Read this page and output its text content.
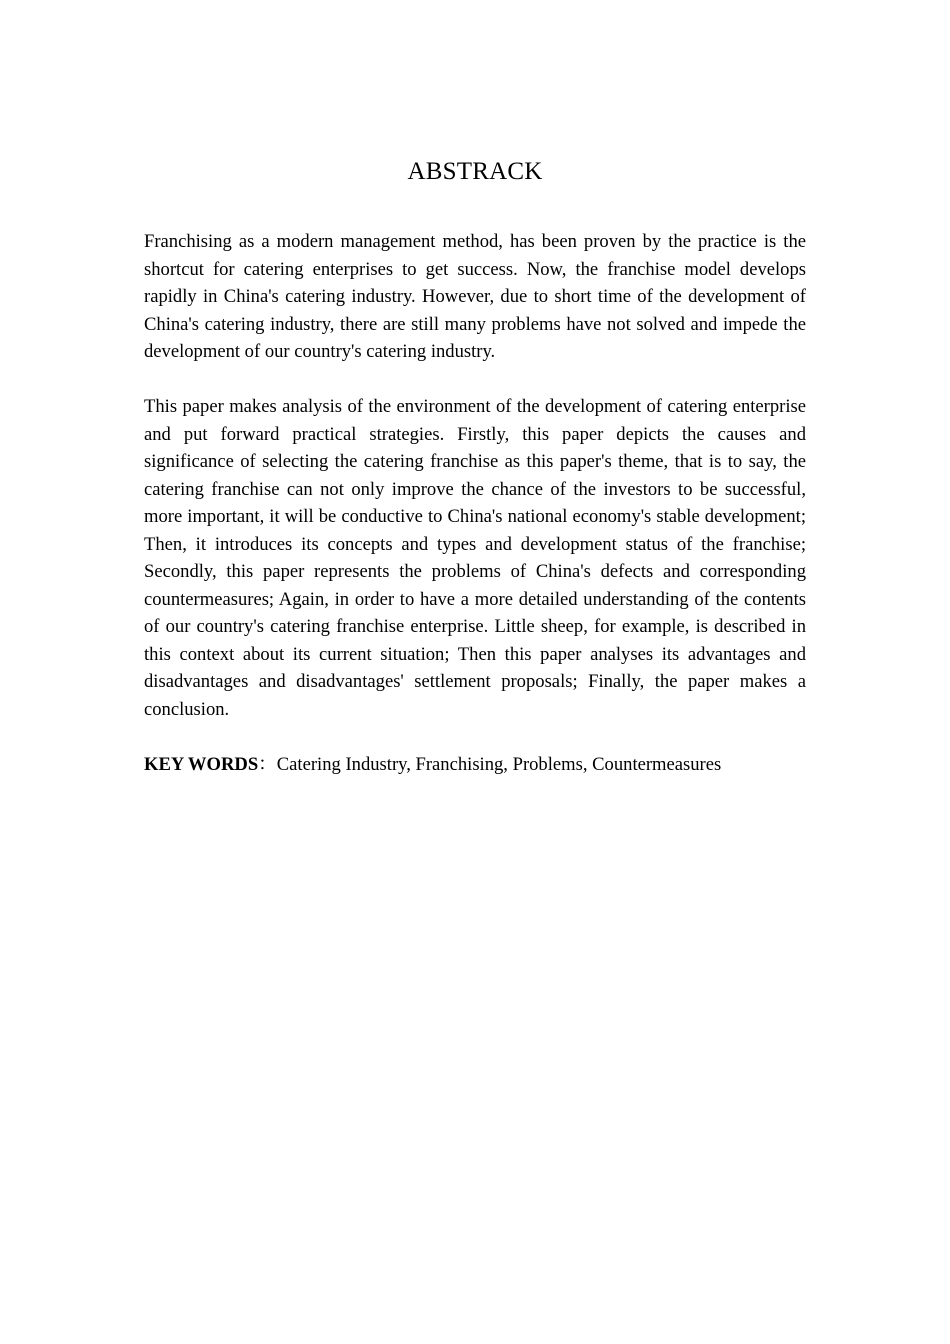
ABSTRACK

Franchising as a modern management method, has been proven by the practice is the shortcut for catering enterprises to get success. Now, the franchise model develops rapidly in China's catering industry. However, due to short time of the development of China's catering industry, there are still many problems have not solved and impede the development of our country's catering industry.

This paper makes analysis of the environment of the development of catering enterprise and put forward practical strategies. Firstly, this paper depicts the causes and significance of selecting the catering franchise as this paper's theme, that is to say, the catering franchise can not only improve the chance of the investors to be successful, more important, it will be conductive to China's national economy's stable development; Then, it introduces its concepts and types and development status of the franchise; Secondly, this paper represents the problems of China's defects and corresponding countermeasures; Again, in order to have a more detailed understanding of the contents of our country's catering franchise enterprise. Little sheep, for example, is described in this context about its current situation; Then this paper analyses its advantages and disadvantages and disadvantages' settlement proposals; Finally, the paper makes a conclusion.

KEY WORDS：Catering Industry, Franchising, Problems, Countermeasures
